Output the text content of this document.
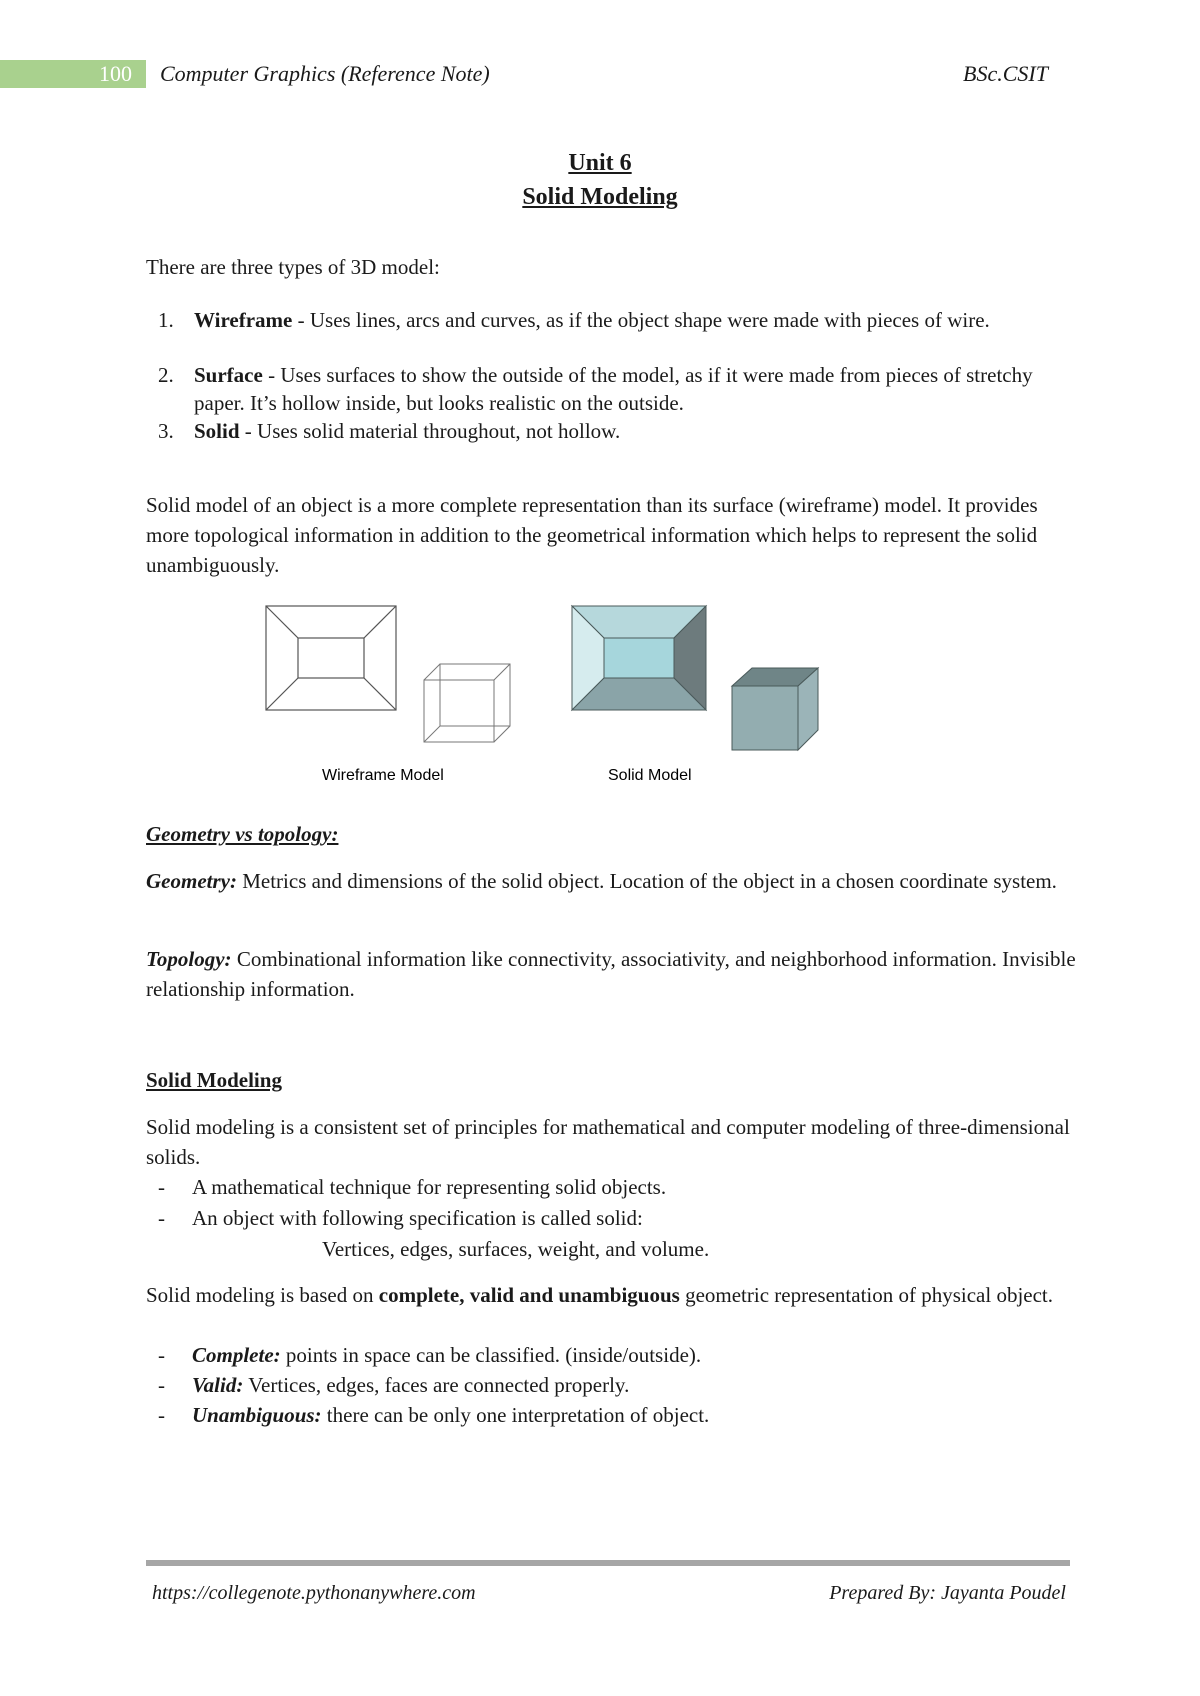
100	Computer Graphics (Reference Note)	BSc.CSIT
Unit 6
Solid Modeling
There are three types of 3D model:
1. Wireframe - Uses lines, arcs and curves, as if the object shape were made with pieces of wire.
2. Surface - Uses surfaces to show the outside of the model, as if it were made from pieces of stretchy paper. It’s hollow inside, but looks realistic on the outside.
3. Solid - Uses solid material throughout, not hollow.
Solid model of an object is a more complete representation than its surface (wireframe) model. It provides more topological information in addition to the geometrical information which helps to represent the solid unambiguously.
Wireframe Model	Solid Model
Geometry vs topology:
Geometry: Metrics and dimensions of the solid object. Location of the object in a chosen coordinate system.
Topology: Combinational information like connectivity, associativity, and neighborhood information. Invisible relationship information.
Solid Modeling
Solid modeling is a consistent set of principles for mathematical and computer modeling of three-dimensional solids.
- A mathematical technique for representing solid objects.
- An object with following specification is called solid:
Vertices, edges, surfaces, weight, and volume.
Solid modeling is based on complete, valid and unambiguous geometric representation of physical object.
- Complete: points in space can be classified. (inside/outside).
- Valid: Vertices, edges, faces are connected properly.
- Unambiguous: there can be only one interpretation of object.
https://collegenote.pythonanywhere.com	Prepared By: Jayanta Poudel
